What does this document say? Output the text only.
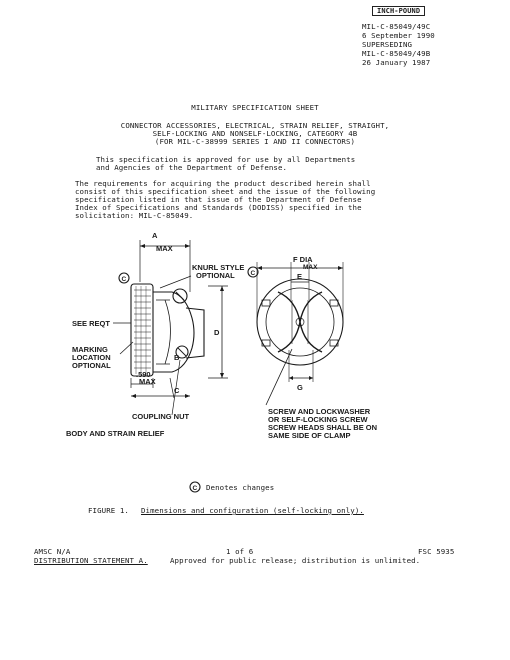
INCH-POUND
MIL-C-85049/49C
6 September 1990
SUPERSEDING
MIL-C-85049/49B
26 January 1987
MILITARY SPECIFICATION SHEET
CONNECTOR ACCESSORIES, ELECTRICAL, STRAIN RELIEF, STRAIGHT,
SELF-LOCKING AND NONSELF-LOCKING, CATEGORY 4B
(FOR MIL-C-38999 SERIES I AND II CONNECTORS)
This specification is approved for use by all Departments
and Agencies of the Department of Defense.
The requirements for acquiring the product described herein shall
consist of this specification sheet and the issue of the following
specification listed in that issue of the Department of Defense
Index of Specifications and Standards (DODISS) specified in the
solicitation: MIL-C-85049.
A
MAX
KNURL STYLE
OPTIONAL
C
SEE REQT
MARKING
LOCATION
OPTIONAL
.590
MAX
C
B
D
COUPLING NUT
BODY AND STRAIN RELIEF
F DIA
MAX
E
G
C
SCREW AND LOCKWASHER
OR SELF-LOCKING SCREW
SCREW HEADS SHALL BE ON
SAME SIDE OF CLAMP
C Denotes changes
FIGURE 1. Dimensions and configuration (self-locking only).
AMSC N/A	1 of 6	FSC 5935
DISTRIBUTION STATEMENT A.	Approved for public release; distribution is unlimited.
